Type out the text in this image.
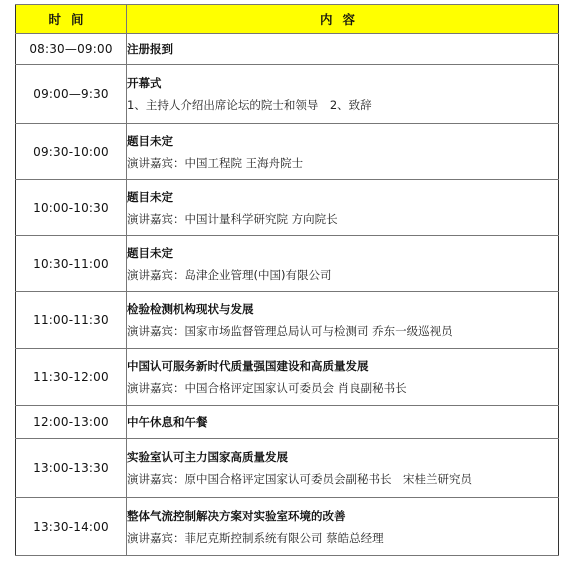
时间	内容
08:30—09:00	注册报到

09:00—9:30	开幕式
1、主持人介绍出席论坛的院士和领导　2、致辞

09:30-10:00	题目未定
演讲嘉宾：中国工程院 王海舟院士

10:00-10:30	题目未定
演讲嘉宾：中国计量科学研究院 方向院长

10:30-11:00	题目未定
演讲嘉宾：岛津企业管理(中国)有限公司

11:00-11:30	检验检测机构现状与发展
演讲嘉宾：国家市场监督管理总局认可与检测司 乔东一级巡视员

11:30-12:00	中国认可服务新时代质量强国建设和高质量发展
演讲嘉宾：中国合格评定国家认可委员会 肖良副秘书长

12:00-13:00	中午休息和午餐

13:00-13:30	实验室认可主力国家高质量发展
演讲嘉宾：原中国合格评定国家认可委员会副秘书长　宋桂兰研究员

13:30-14:00	整体气流控制解决方案对实验室环境的改善
演讲嘉宾：菲尼克斯控制系统有限公司 蔡皓总经理
